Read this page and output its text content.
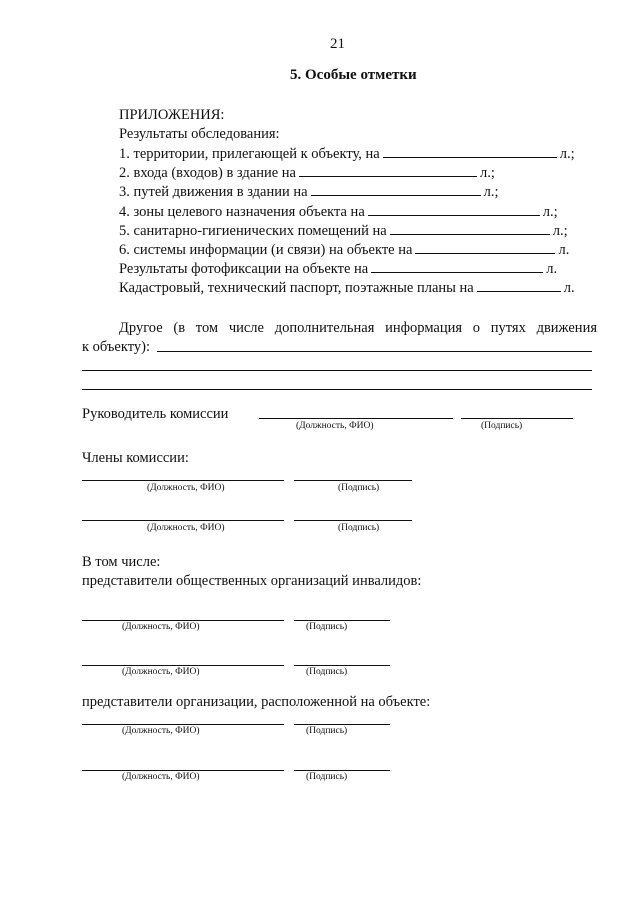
21
5. Особые отметки
ПРИЛОЖЕНИЯ:
Результаты обследования:
1. территории, прилегающей к объекту, на	л.;
2. входа (входов) в здание на	л.;
3. путей движения в здании на	л.;
4. зоны целевого назначения объекта на	л.;
5. санитарно-гигиенических помещений на	л.;
6. системы информации (и связи) на объекте на	л.
Результаты фотофиксации на объекте на	л.
Кадастровый, технический паспорт, поэтажные планы на	л.
Другое (в том числе дополнительная информация о путях движения
к объекту):
Руководитель комиссии
(Должность, ФИО)	(Подпись)
Члены комиссии:
(Должность, ФИО)	(Подпись)
(Должность, ФИО)	(Подпись)
В том числе:
представители общественных организаций инвалидов:
(Должность, ФИО)	(Подпись)
(Должность, ФИО)	(Подпись)
представители организации, расположенной на объекте:
(Должность, ФИО)	(Подпись)
(Должность, ФИО)	(Подпись)
